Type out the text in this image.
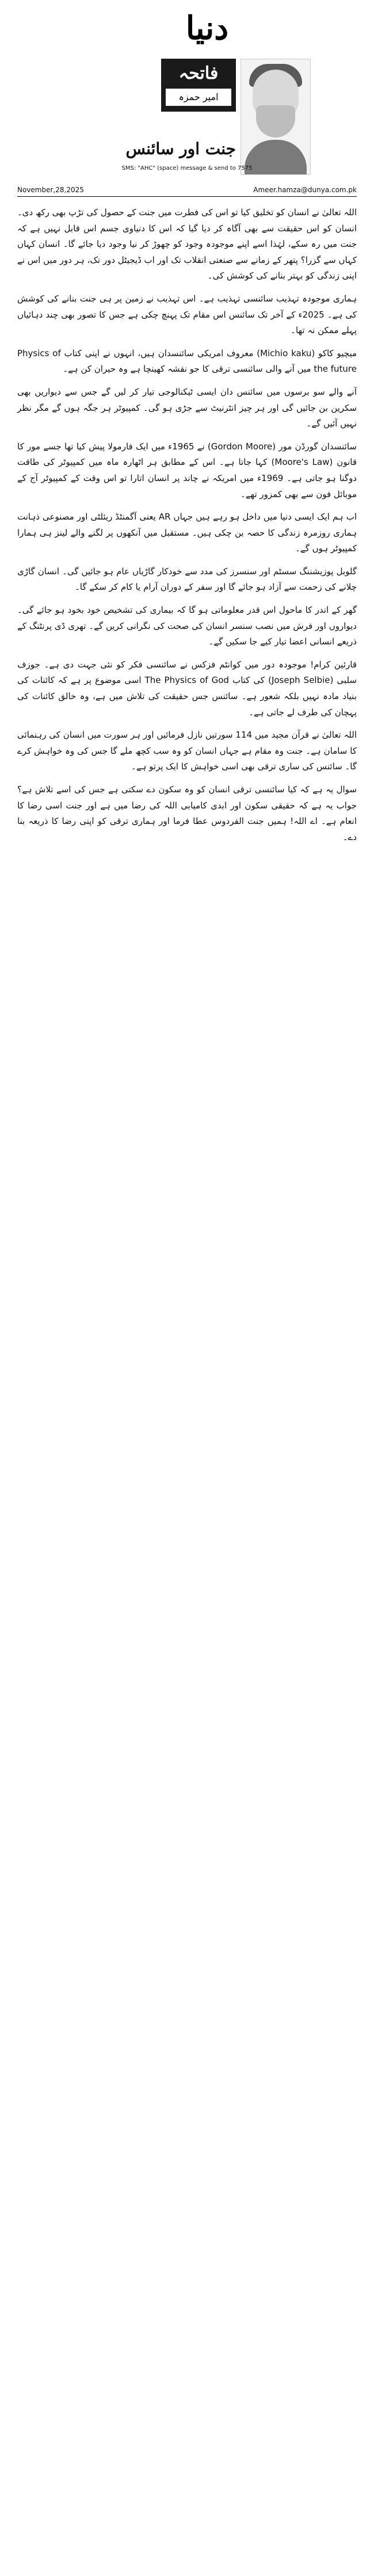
دنیا
فاتحہ
امیر حمزہ
جنت اور سائنس
SMS: "AHC" (space) message & send to 7575
November,28,2025	Ameer.hamza@dunya.com.pk

اللہ تعالیٰ نے انسان کو تخلیق کیا تو اس کی فطرت میں جنت کے حصول کی تڑپ بھی رکھ دی۔ انسان کو اس حقیقت سے بھی آگاہ کر دیا گیا کہ اس کا دنیاوی جسم اس قابل نہیں ہے کہ جنت میں رہ سکے، لہٰذا اسے اپنے موجودہ وجود کو چھوڑ کر نیا وجود دیا جائے گا۔ انسان کہاں کہاں سے گزرا؟ پتھر کے زمانے سے صنعتی انقلاب تک اور اب ڈیجیٹل دور تک، ہر دور میں اس نے اپنی زندگی کو بہتر بنانے کی کوشش کی۔

ہماری موجودہ تہذیب سائنسی تہذیب ہے۔ اس تہذیب نے زمین پر ہی جنت بنانے کی کوشش کی ہے۔ 2025ء کے آخر تک سائنس اس مقام تک پہنچ چکی ہے جس کا تصور بھی چند دہائیاں پہلے ممکن نہ تھا۔

میچیو کاکو (Michio kaku) معروف امریکی سائنسدان ہیں، انہوں نے اپنی کتاب Physics of the future میں آنے والی سائنسی ترقی کا جو نقشہ کھینچا ہے وہ حیران کن ہے۔

آنے والے سو برسوں میں سائنس دان ایسی ٹیکنالوجی تیار کر لیں گے جس سے دیواریں بھی سکرین بن جائیں گی اور ہر چیز انٹرنیٹ سے جڑی ہو گی۔ کمپیوٹر ہر جگہ ہوں گے مگر نظر نہیں آئیں گے۔

سائنسدان گورڈن مور (Gordon Moore) نے 1965ء میں ایک فارمولا پیش کیا تھا جسے مور کا قانون (Moore's Law) کہا جاتا ہے۔ اس کے مطابق ہر اٹھارہ ماہ میں کمپیوٹر کی طاقت دوگنا ہو جاتی ہے۔ 1969ء میں امریکہ نے چاند پر انسان اتارا تو اس وقت کے کمپیوٹر آج کے موبائل فون سے بھی کمزور تھے۔

اب ہم ایک ایسی دنیا میں داخل ہو رہے ہیں جہاں AR یعنی آگمنٹڈ ریئلٹی اور مصنوعی ذہانت ہماری روزمرہ زندگی کا حصہ بن چکی ہیں۔ مستقبل میں آنکھوں پر لگنے والے لینز ہی ہمارا کمپیوٹر ہوں گے۔

گلوبل پوزیشننگ سسٹم اور سنسرز کی مدد سے خودکار گاڑیاں عام ہو جائیں گی۔ انسان گاڑی چلانے کی زحمت سے آزاد ہو جائے گا اور سفر کے دوران آرام یا کام کر سکے گا۔

گھر کے اندر کا ماحول اس قدر معلوماتی ہو گا کہ بیماری کی تشخیص خود بخود ہو جائے گی۔ دیواروں اور فرش میں نصب سنسر انسان کی صحت کی نگرانی کریں گے۔ تھری ڈی پرنٹنگ کے ذریعے انسانی اعضا تیار کیے جا سکیں گے۔

قارئین کرام! موجودہ دور میں کوانٹم فزکس نے سائنسی فکر کو نئی جہت دی ہے۔ جوزف سلبی (Joseph Selbie) کی کتاب The Physics of God اسی موضوع پر ہے کہ کائنات کی بنیاد مادہ نہیں بلکہ شعور ہے۔ سائنس جس حقیقت کی تلاش میں ہے، وہ خالق کائنات کی پہچان کی طرف لے جاتی ہے۔

اللہ تعالیٰ نے قرآن مجید میں 114 سورتیں نازل فرمائیں اور ہر سورت میں انسان کی رہنمائی کا سامان ہے۔ جنت وہ مقام ہے جہاں انسان کو وہ سب کچھ ملے گا جس کی وہ خواہش کرے گا۔ سائنس کی ساری ترقی بھی اسی خواہش کا ایک پرتو ہے۔

سوال یہ ہے کہ کیا سائنسی ترقی انسان کو وہ سکون دے سکتی ہے جس کی اسے تلاش ہے؟ جواب یہ ہے کہ حقیقی سکون اور ابدی کامیابی اللہ کی رضا میں ہے اور جنت اسی رضا کا انعام ہے۔ اے اللہ! ہمیں جنت الفردوس عطا فرما اور ہماری ترقی کو اپنی رضا کا ذریعہ بنا دے۔
